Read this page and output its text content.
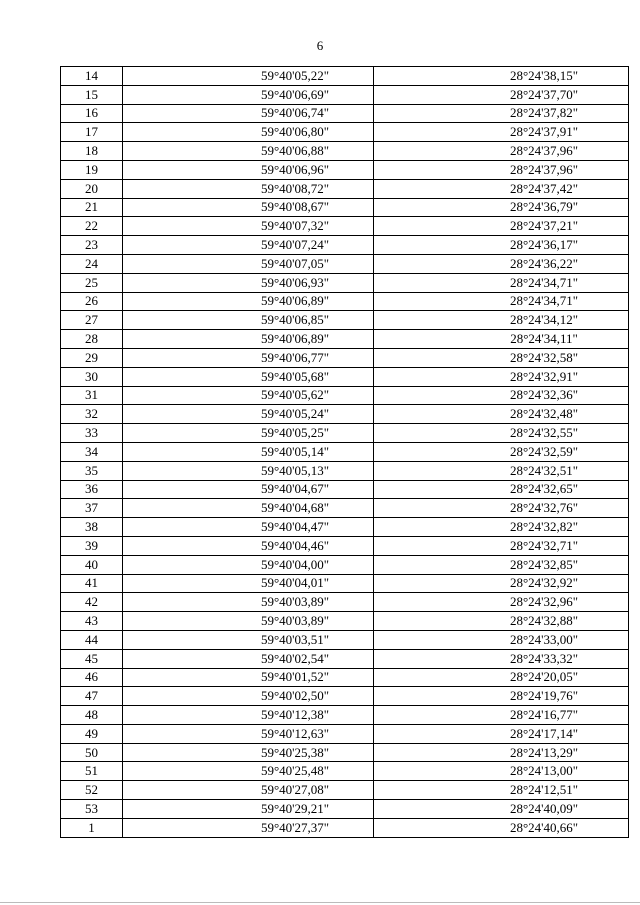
6
14	59°40'05,22"	28°24'38,15"
15	59°40'06,69"	28°24'37,70"
16	59°40'06,74"	28°24'37,82"
17	59°40'06,80"	28°24'37,91"
18	59°40'06,88"	28°24'37,96"
19	59°40'06,96"	28°24'37,96"
20	59°40'08,72"	28°24'37,42"
21	59°40'08,67"	28°24'36,79"
22	59°40'07,32"	28°24'37,21"
23	59°40'07,24"	28°24'36,17"
24	59°40'07,05"	28°24'36,22"
25	59°40'06,93"	28°24'34,71"
26	59°40'06,89"	28°24'34,71"
27	59°40'06,85"	28°24'34,12"
28	59°40'06,89"	28°24'34,11"
29	59°40'06,77"	28°24'32,58"
30	59°40'05,68"	28°24'32,91"
31	59°40'05,62"	28°24'32,36"
32	59°40'05,24"	28°24'32,48"
33	59°40'05,25"	28°24'32,55"
34	59°40'05,14"	28°24'32,59"
35	59°40'05,13"	28°24'32,51"
36	59°40'04,67"	28°24'32,65"
37	59°40'04,68"	28°24'32,76"
38	59°40'04,47"	28°24'32,82"
39	59°40'04,46"	28°24'32,71"
40	59°40'04,00"	28°24'32,85"
41	59°40'04,01"	28°24'32,92"
42	59°40'03,89"	28°24'32,96"
43	59°40'03,89"	28°24'32,88"
44	59°40'03,51"	28°24'33,00"
45	59°40'02,54"	28°24'33,32"
46	59°40'01,52"	28°24'20,05"
47	59°40'02,50"	28°24'19,76"
48	59°40'12,38"	28°24'16,77"
49	59°40'12,63"	28°24'17,14"
50	59°40'25,38"	28°24'13,29"
51	59°40'25,48"	28°24'13,00"
52	59°40'27,08"	28°24'12,51"
53	59°40'29,21"	28°24'40,09"
1	59°40'27,37"	28°24'40,66"
